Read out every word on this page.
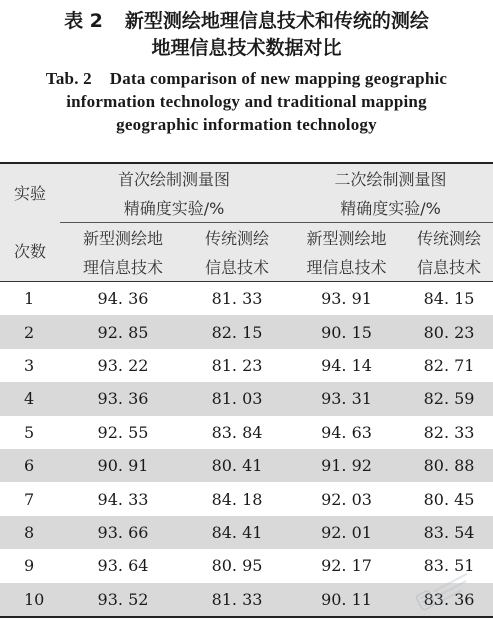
表 2 新型测绘地理信息技术和传统的测绘
地理信息技术数据对比
Tab. 2 Data comparison of new mapping geographic
information technology and traditional mapping
geographic information technology
实验	首次绘制测量图		二次绘制测量图	
	精确度实验/%		精确度实验/%	

次数	新型测绘地	传统测绘	新型测绘地	传统测绘
	理信息技术	信息技术	理信息技术	信息技术
1	94. 36	81. 33	93. 91	84. 15
2	92. 85	82. 15	90. 15	80. 23
3	93. 22	81. 23	94. 14	82. 71
4	93. 36	81. 03	93. 31	82. 59
5	92. 55	83. 84	94. 63	82. 33
6	90. 91	80. 41	91. 92	80. 88
7	94. 33	84. 18	92. 03	80. 45
8	93. 66	84. 41	92. 01	83. 54
9	93. 64	80. 95	92. 17	83. 51
10	93. 52	81. 33	90. 11	83. 36
